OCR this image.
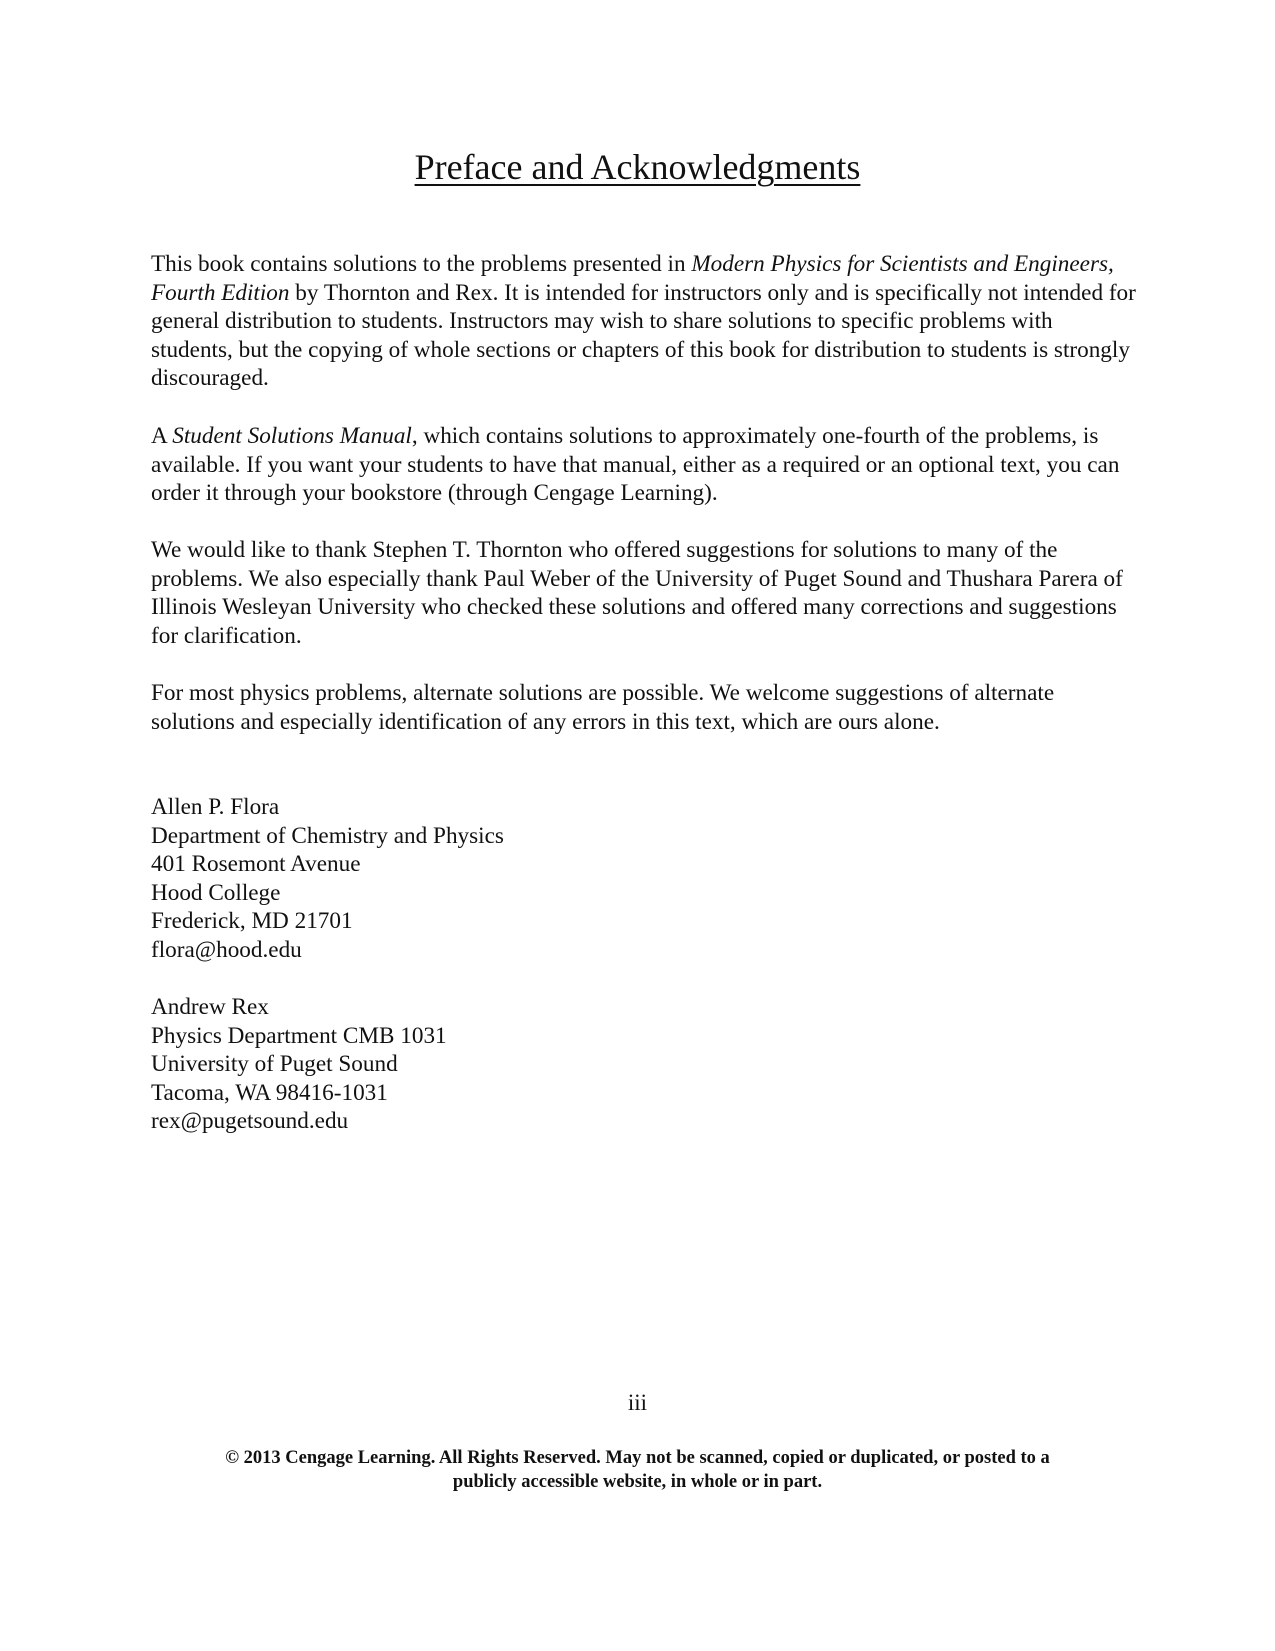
Preface and Acknowledgments

This book contains solutions to the problems presented in Modern Physics for Scientists and Engineers, Fourth Edition by Thornton and Rex. It is intended for instructors only and is specifically not intended for general distribution to students. Instructors may wish to share solutions to specific problems with students, but the copying of whole sections or chapters of this book for distribution to students is strongly discouraged.

A Student Solutions Manual, which contains solutions to approximately one-fourth of the problems, is available. If you want your students to have that manual, either as a required or an optional text, you can order it through your bookstore (through Cengage Learning).

We would like to thank Stephen T. Thornton who offered suggestions for solutions to many of the problems. We also especially thank Paul Weber of the University of Puget Sound and Thushara Parera of Illinois Wesleyan University who checked these solutions and offered many corrections and suggestions for clarification.

For most physics problems, alternate solutions are possible. We welcome suggestions of alternate solutions and especially identification of any errors in this text, which are ours alone.

Allen P. Flora
Department of Chemistry and Physics
401 Rosemont Avenue
Hood College
Frederick, MD 21701
flora@hood.edu
Andrew Rex
Physics Department CMB 1031
University of Puget Sound
Tacoma, WA 98416-1031
rex@pugetsound.edu
iii
© 2013 Cengage Learning. All Rights Reserved. May not be scanned, copied or duplicated, or posted to a
publicly accessible website, in whole or in part.
